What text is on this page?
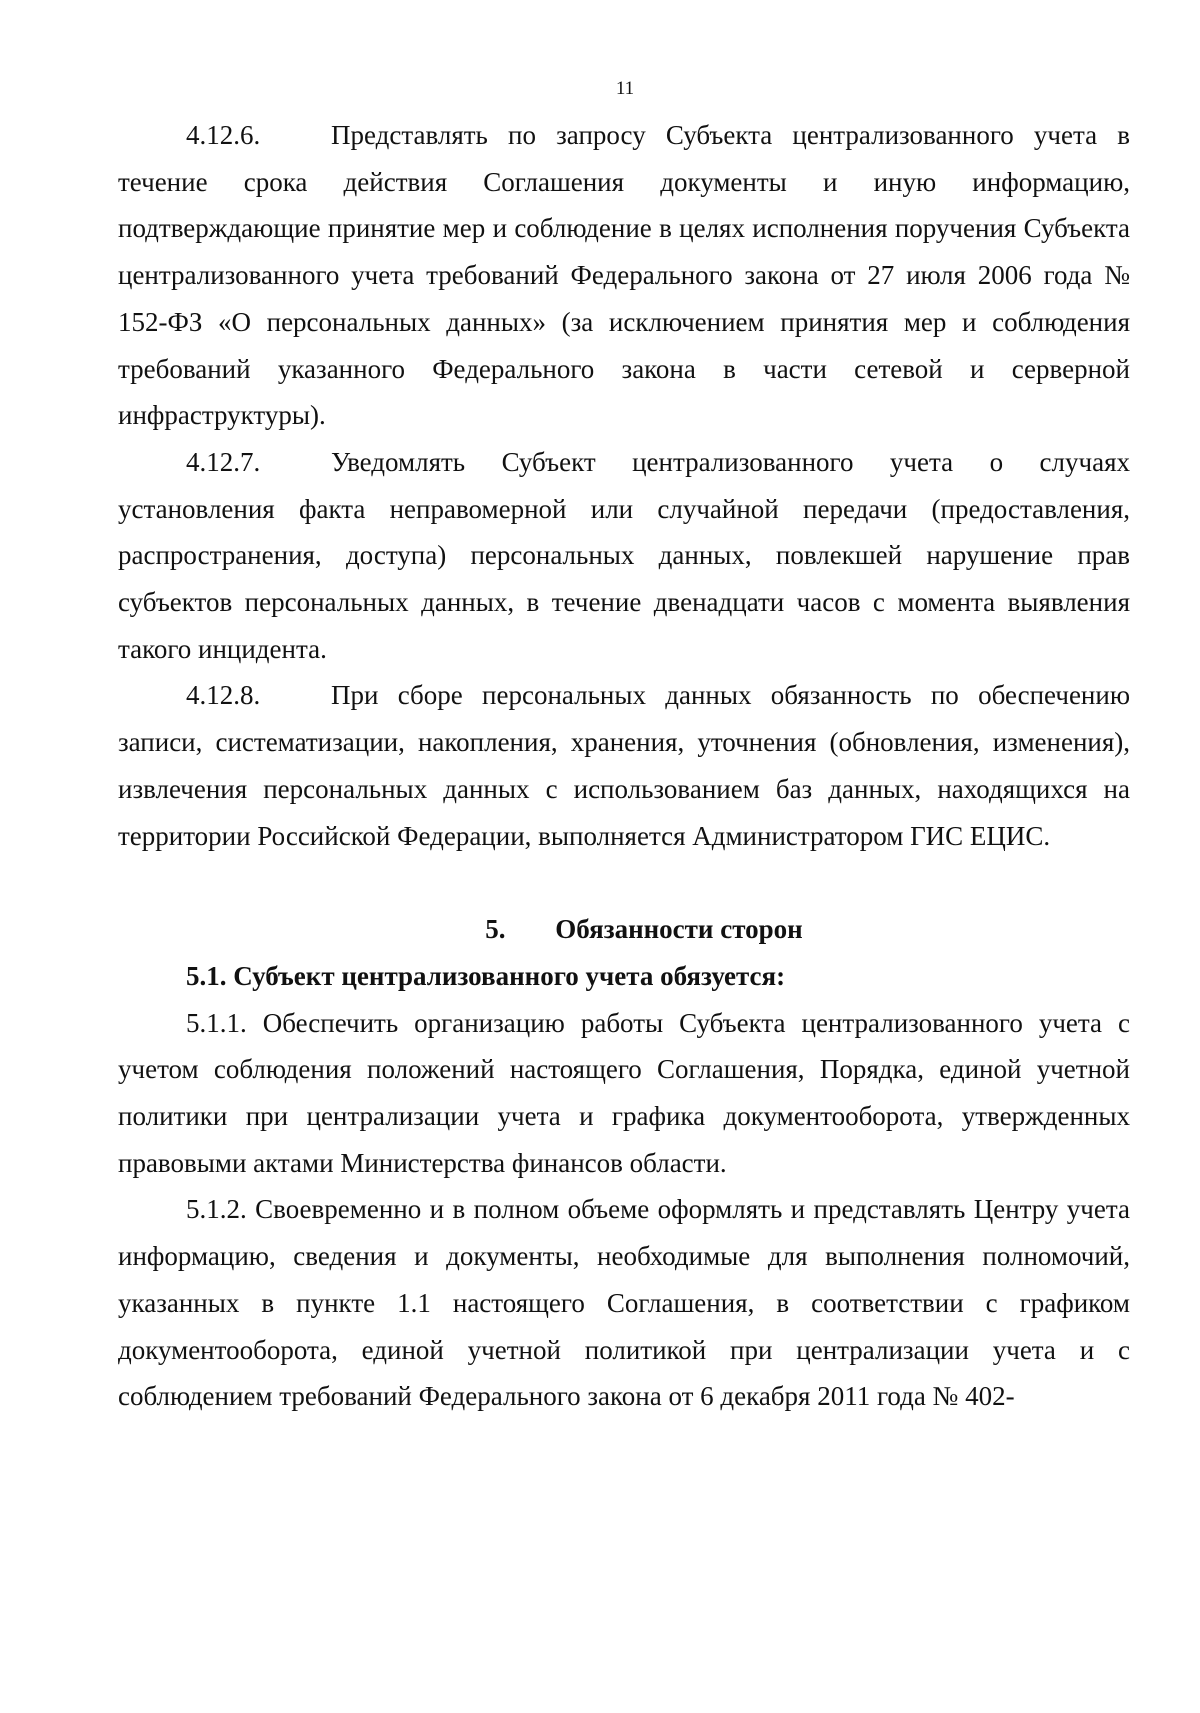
11

4.12.6.	Представлять по запросу Субъекта централизованного учета в течение срока действия Соглашения документы и иную информацию, подтверждающие принятие мер и соблюдение в целях исполнения поручения Субъекта централизованного учета требований Федерального закона от 27 июля 2006 года № 152-ФЗ «О персональных данных» (за исключением принятия мер и соблюдения требований указанного Федерального закона в части сетевой и серверной инфраструктуры).

4.12.7.	Уведомлять Субъект централизованного учета о случаях установления факта неправомерной или случайной передачи (предоставления, распространения, доступа) персональных данных, повлекшей нарушение прав субъектов персональных данных, в течение двенадцати часов с момента выявления такого инцидента.

4.12.8.	При сборе персональных данных обязанность по обеспечению записи, систематизации, накопления, хранения, уточнения (обновления, изменения), извлечения персональных данных с использованием баз данных, находящихся на территории Российской Федерации, выполняется Администратором ГИС ЕЦИС.

5. Обязанности сторон

5.1. Субъект централизованного учета обязуется:

5.1.1. Обеспечить организацию работы Субъекта централизованного учета с учетом соблюдения положений настоящего Соглашения, Порядка, единой учетной политики при централизации учета и графика документооборота, утвержденных правовыми актами Министерства финансов области.

5.1.2. Своевременно и в полном объеме оформлять и представлять Центру учета информацию, сведения и документы, необходимые для выполнения полномочий, указанных в пункте 1.1 настоящего Соглашения, в соответствии с графиком документооборота, единой учетной политикой при централизации учета и с соблюдением требований Федерального закона от 6 декабря 2011 года № 402-
